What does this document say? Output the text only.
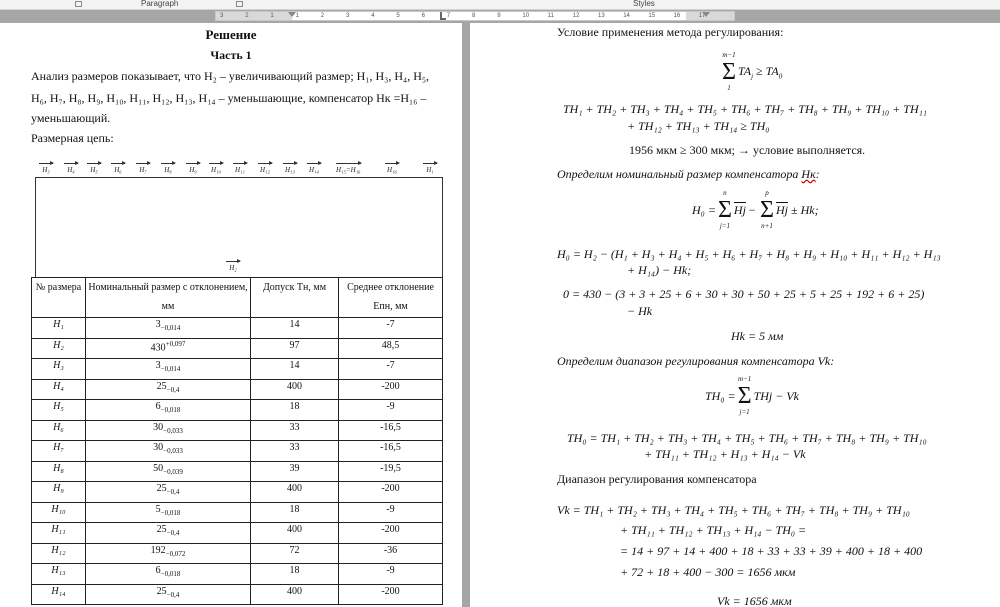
Paragraph	Styles
3	2	1	1	2	3	4	5	6	7	8	9	10	11	12	13	14	15	16	17
Решение
Часть 1
Анализ размеров показывает, что H₂ – увеличивающий размер; H₁, H₃, H₄, H₅,
H₆, H₇, H₈, H₉, H₁₀, H₁₁, H₁₂, H₁₃, H₁₄ – уменьшающие, компенсатор Hк =H₁₆ –
уменьшающий.
Размерная цепь:
H₂
H₃	H₄	H₅	H₆	H₇	H₈	H₉	H₁₀ H₁₁ H₁₂ H₁₃ H₁₄ H₁₅=H₁₆	H₁₆	H₁
№ размера	Номинальный размер с отклонением, мм	Допуск Tн, мм	Среднее отклонение Eпн, мм
H₁	$3_{-0,014}$	14	-7
H₂	$430^{+0,097}$	97	48,5
H₃	$3_{-0,014}$	14	-7
H₄	$25_{-0,4}$	400	-200
H₅	$6_{-0,018}$	18	-9
H₆	$30_{-0,033}$	33	-16,5
H₇	$30_{-0,033}$	33	-16,5
H₈	$50_{-0,039}$	39	-19,5
H₉	$25_{-0,4}$	400	-200
H₁₀	$5_{-0,018}$	18	-9
H₁₁	$25_{-0,4}$	400	-200
H₁₂	$192_{-0,072}$	72	-36
H₁₃	$6_{-0,018}$	18	-9
H₁₄	$25_{-0,4}$	400	-200
Условие применения метода регулирования:
m−1
Σ
1
$TA_j \ge TA_0$
TH₁ + TH₂ + TH₃ + TH₄ + TH₅ + TH₆ + TH₇ + TH₈ + TH₉ + TH₁₀ + TH₁₁
+ TH₁₂ + TH₁₃ + TH₁₄ ≥ TH₀
1956 мкм ≥ 300 мкм; → условие выполняется.
Определим номинальный размер компенсатора Hк:
H₀ =
n
Σ
j=1
$\overline{Hj}$ −
p
Σ
n+1
$\overline{Hj} \pm Hk$;
H₀ = H₂ − (H₁ + H₃ + H₄ + H₅ + H₆ + H₇ + H₈ + H₉ + H₁₀ + H₁₁ + H₁₂ + H₁₃
+ H₁₄) − Hk;
0 = 430 − (3 + 3 + 25 + 6 + 30 + 30 + 50 + 25 + 5 + 25 + 192 + 6 + 25)
− Hk
Hk = 5 мм
Определим диапазон регулирования компенсатора Vk:
TH₀ =
m−1
Σ
j=1
THj − Vk
TH₀ = TH₁ + TH₂ + TH₃ + TH₄ + TH₅ + TH₆ + TH₇ + TH₈ + TH₉ + TH₁₀
+ TH₁₁ + TH₁₂ + H₁₃ + H₁₄ − Vk
Диапазон регулирования компенсатора
Vk = TH₁ + TH₂ + TH₃ + TH₄ + TH₅ + TH₆ + TH₇ + TH₈ + TH₉ + TH₁₀
+ TH₁₁ + TH₁₂ + TH₁₃ + H₁₄ − TH₀ =
= 14 + 97 + 14 + 400 + 18 + 33 + 33 + 39 + 400 + 18 + 400
+ 72 + 18 + 400 − 300 = 1656 мкм
Vk = 1656 мкм
